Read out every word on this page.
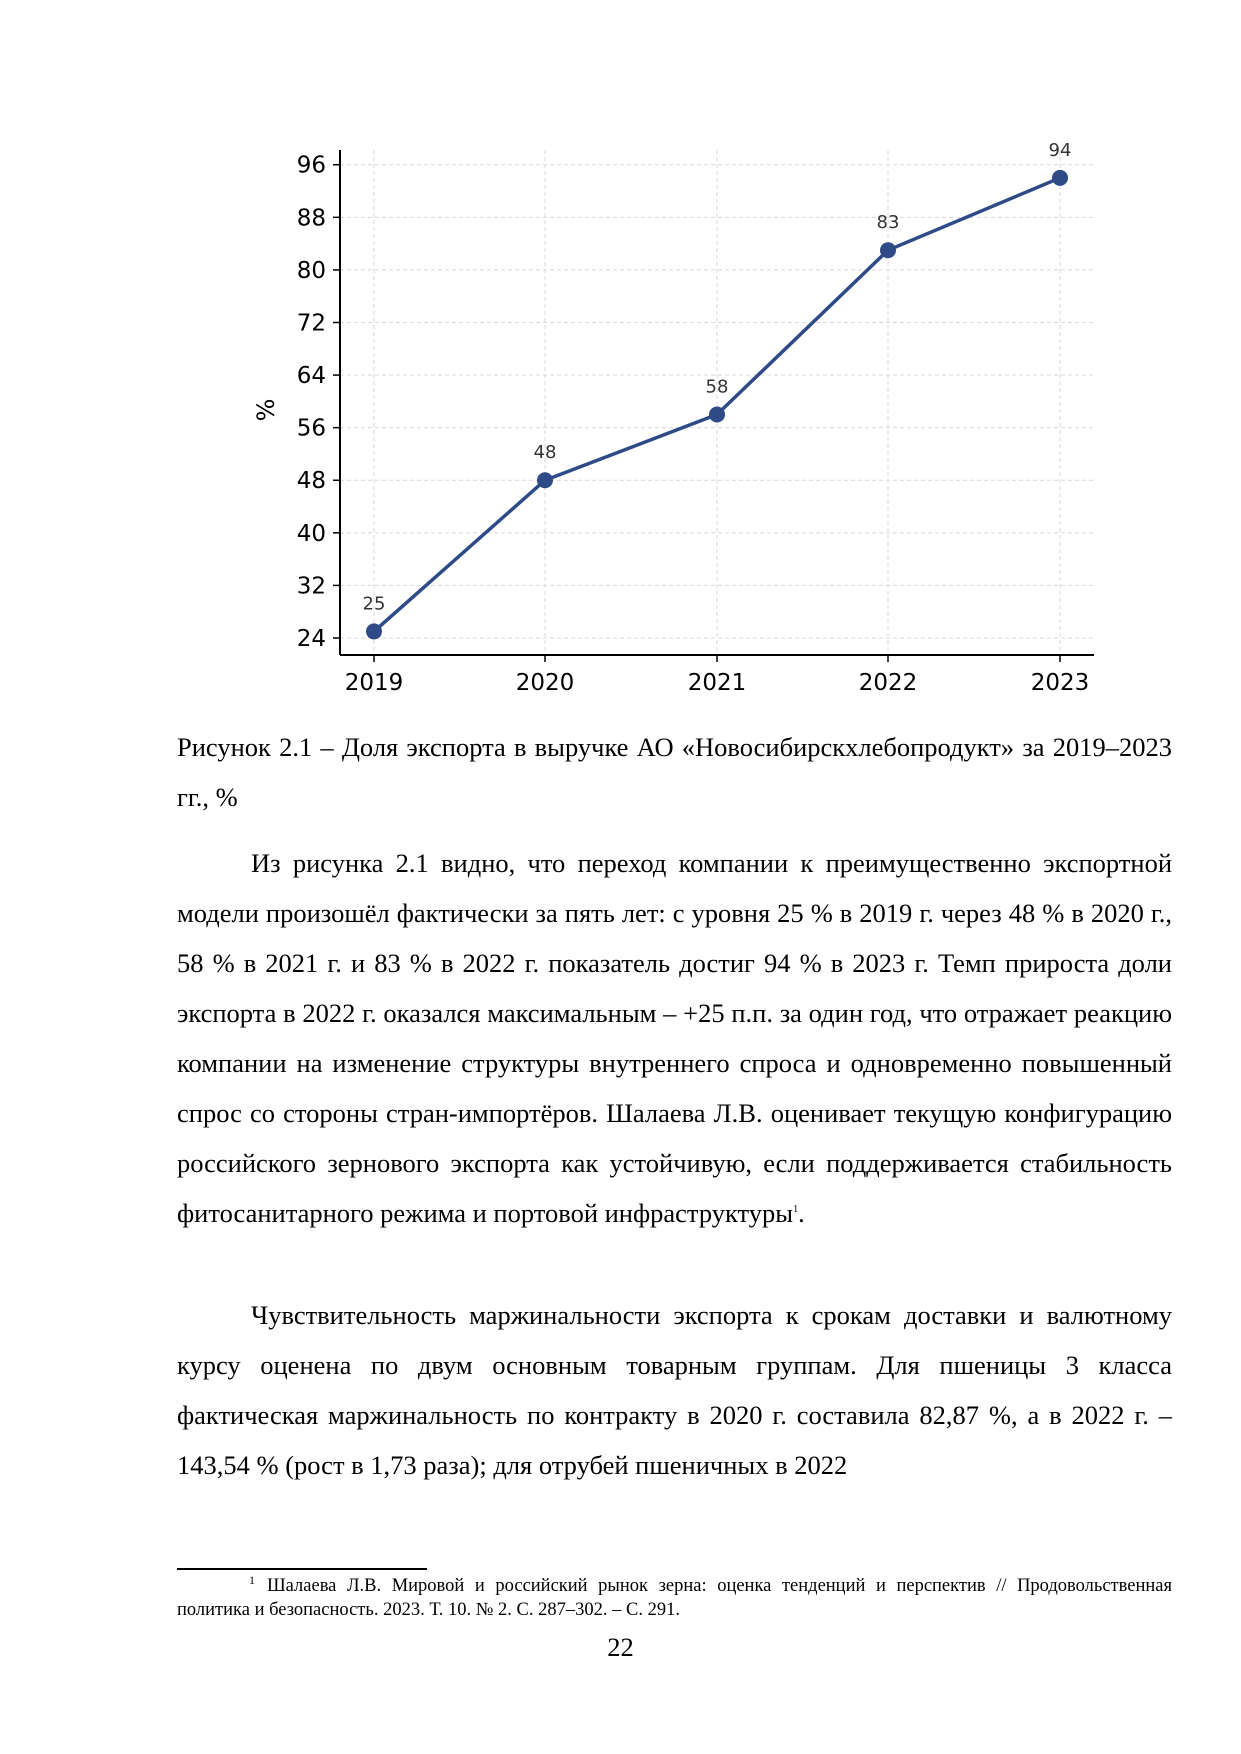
24
32
40
48
56
64
72
80
88
96
2019	2020	2021	2022	2023
%
25
48
58
83
94

Рисунок 2.1 – Доля экспорта в выручке АО «Новосибирскхлебопродукт» за 2019–2023 гг., %

Из рисунка 2.1 видно, что переход компании к преимущественно экспортной модели произошёл фактически за пять лет: с уровня 25 % в 2019 г. через 48 % в 2020 г., 58 % в 2021 г. и 83 % в 2022 г. показатель достиг 94 % в 2023 г. Темп прироста доли экспорта в 2022 г. оказался максимальным – +25 п.п. за один год, что отражает реакцию компании на изменение структуры внутреннего спроса и одновременно повышенный спрос со стороны стран-импортёров. Шалаева Л.В. оценивает текущую конфигурацию российского зернового экспорта как устойчивую, если поддерживается стабильность фитосанитарного режима и портовой инфраструктуры$^1$.

Чувствительность маржинальности экспорта к срокам доставки и валютному курсу оценена по двум основным товарным группам. Для пшеницы 3 класса фактическая маржинальность по контракту в 2020 г. составила 82,87 %, а в 2022 г. – 143,54 % (рост в 1,73 раза); для отрубей пшеничных в 2022

$^1$ Шалаева Л.В. Мировой и российский рынок зерна: оценка тенденций и перспектив // Продовольственная политика и безопасность. 2023. Т. 10. № 2. С. 287–302. – С. 291.

22
